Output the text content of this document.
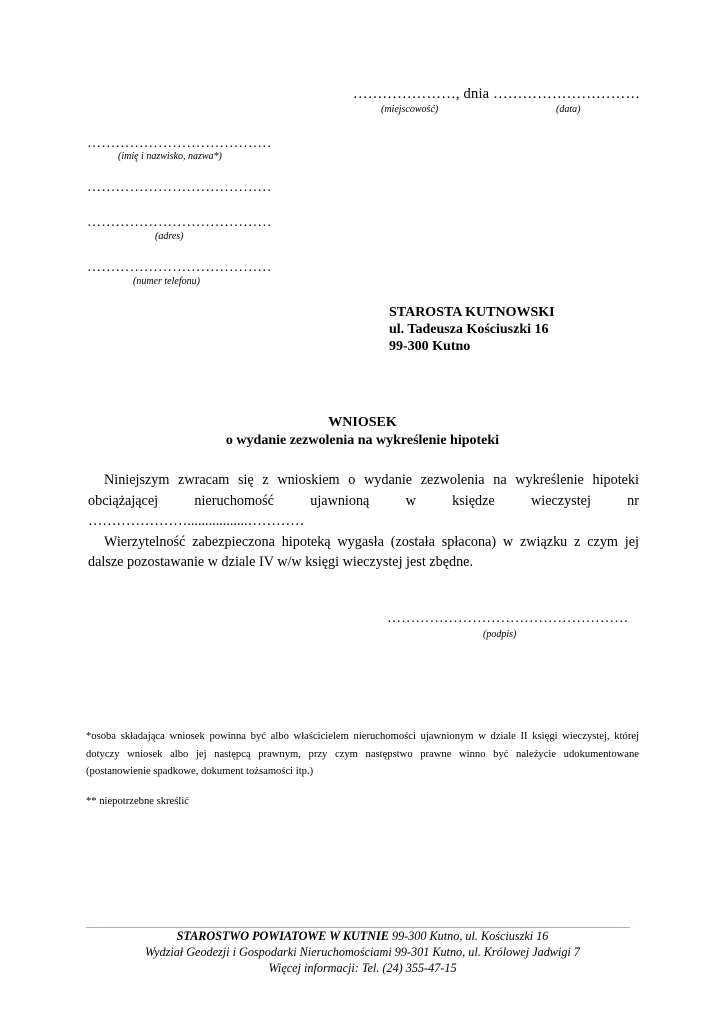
…………………, dnia …………………………
(miejscowość)	(data)
…………………………………
(imię i nazwisko, nazwa*)
…………………………………
…………………………………
(adres)
…………………………………
(numer telefonu)
STAROSTA KUTNOWSKI
ul. Tadeusza Kościuszki 16
99-300 Kutno
WNIOSEK
o wydanie zezwolenia na wykreślenie hipoteki

Niniejszym zwracam się z wnioskiem o wydanie zezwolenia na wykreślenie hipoteki obciążającej nieruchomość ujawnioną w księdze wieczystej nr ………………….................…………

Wierzytelność zabezpieczona hipoteką wygasła (została spłacona) w związku z czym jej dalsze pozostawanie w dziale IV w/w księgi wieczystej jest zbędne.

……………………………………………
(podpis)
*osoba składająca wniosek powinna być albo właścicielem nieruchomości ujawnionym w dziale II księgi wieczystej, której dotyczy wniosek albo jej następcą prawnym, przy czym następstwo prawne winno być należycie udokumentowane (postanowienie spadkowe, dokument tożsamości itp.)
** niepotrzebne skreślić
STAROSTWO POWIATOWE W KUTNIE 99-300 Kutno, ul. Kościuszki 16
Wydział Geodezji i Gospodarki Nieruchomościami 99-301 Kutno, ul. Królowej Jadwigi 7
Więcej informacji: Tel. (24) 355-47-15
